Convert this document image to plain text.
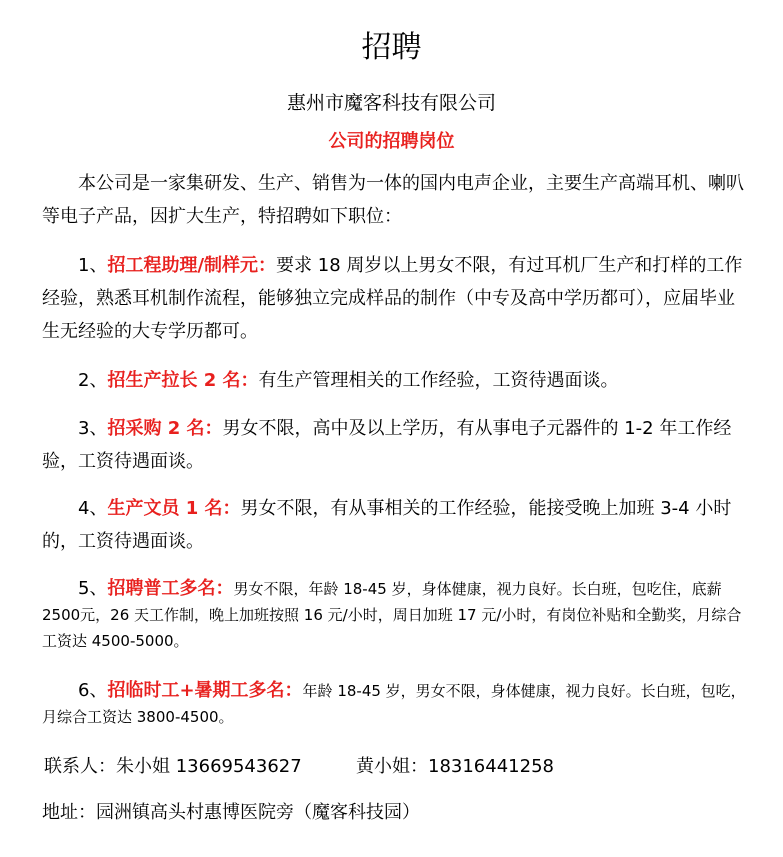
招聘
惠州市魔客科技有限公司
公司的招聘岗位
本公司是一家集研发、生产、销售为一体的国内电声企业，主要生产高端耳机、喇叭等电子产品，因扩大生产，特招聘如下职位：
1、招工程助理/制样元：要求 18 周岁以上男女不限，有过耳机厂生产和打样的工作经验，熟悉耳机制作流程，能够独立完成样品的制作（中专及高中学历都可），应届毕业生无经验的大专学历都可。
2、招生产拉长 2 名：有生产管理相关的工作经验，工资待遇面谈。
3、招采购 2 名：男女不限，高中及以上学历，有从事电子元器件的 1-2 年工作经验，工资待遇面谈。
4、生产文员 1 名：男女不限，有从事相关的工作经验，能接受晚上加班 3-4 小时的，工资待遇面谈。
5、招聘普工多名：男女不限，年龄 18-45 岁，身体健康，视力良好。长白班，包吃住，底薪 2500元，26 天工作制，晚上加班按照 16 元/小时，周日加班 17 元/小时，有岗位补贴和全勤奖，月综合工资达 4500-5000。
6、招临时工+暑期工多名：年龄 18-45 岁，男女不限，身体健康，视力良好。长白班，包吃，月综合工资达 3800-4500。
联系人：朱小姐 13669543627	黄小姐：18316441258
地址：园洲镇高头村惠博医院旁（魔客科技园）
